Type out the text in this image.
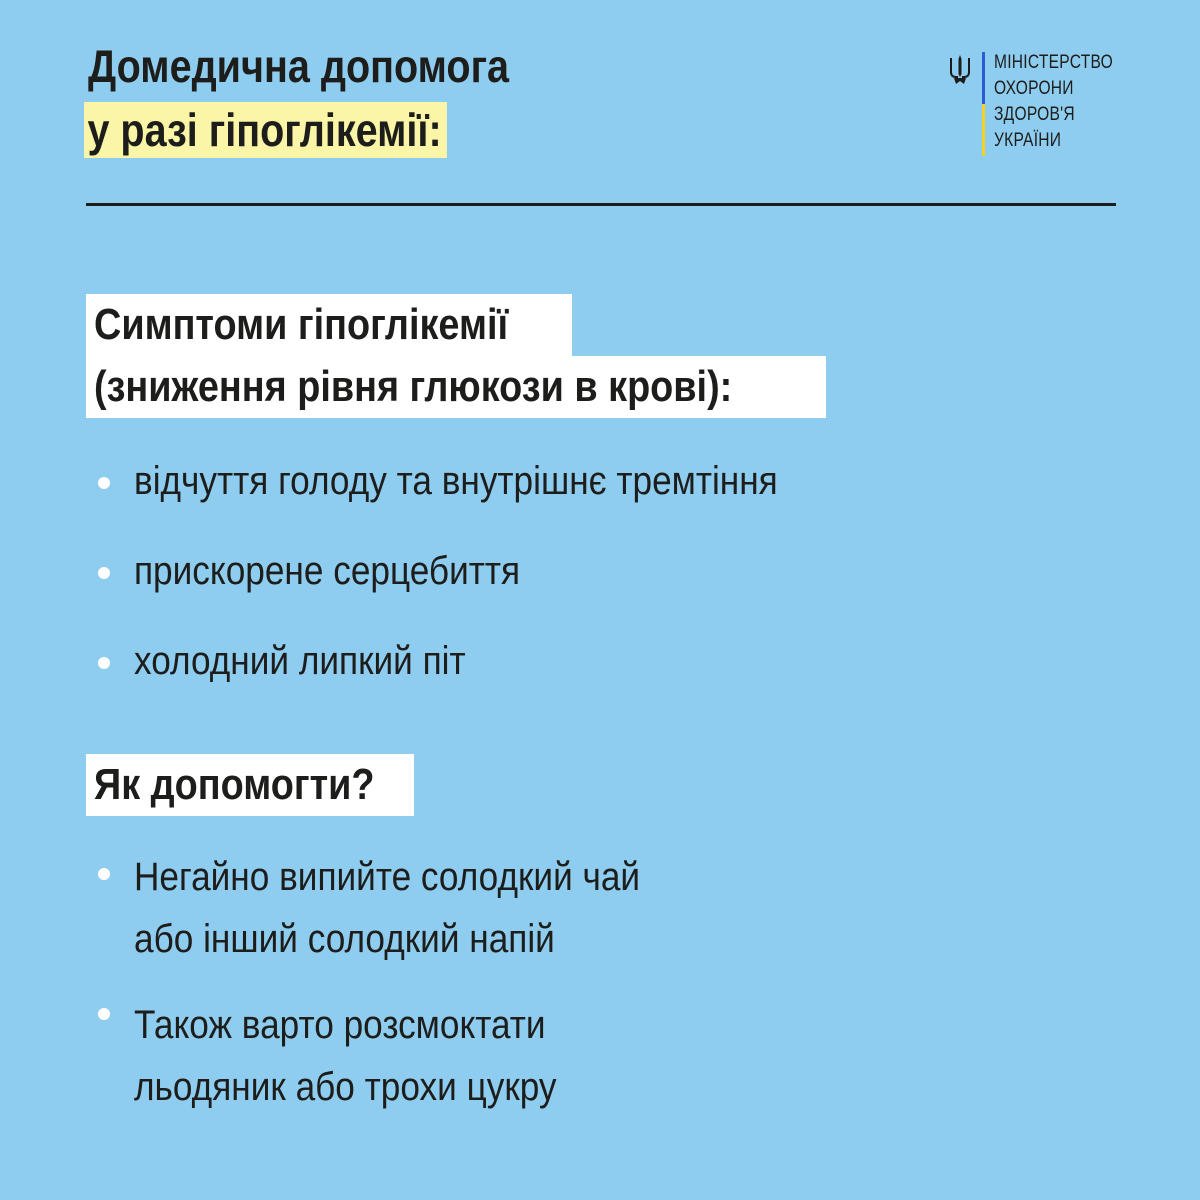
Домедична допомога
у разі гіпоглікемії:
МІНІСТЕРСТВО
ОХОРОНИ
ЗДОРОВ'Я
УКРАЇНИ
Симптоми гіпоглікемії
(зниження рівня глюкози в крові):
відчуття голоду та внутрішнє тремтіння
прискорене серцебиття
холодний липкий піт
Як допомогти?
Негайно випийте солодкий чай
або інший солодкий напій
Також варто розсмоктати
льодяник або трохи цукру
